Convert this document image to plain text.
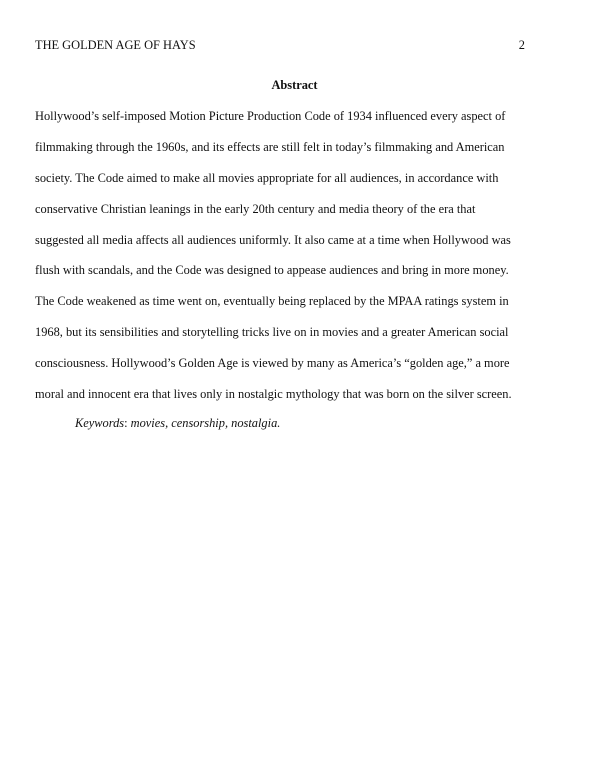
THE GOLDEN AGE OF HAYS	2
Abstract
Hollywood’s self-imposed Motion Picture Production Code of 1934 influenced every aspect of
filmmaking through the 1960s, and its effects are still felt in today’s filmmaking and American
society. The Code aimed to make all movies appropriate for all audiences, in accordance with
conservative Christian leanings in the early 20th century and media theory of the era that
suggested all media affects all audiences uniformly. It also came at a time when Hollywood was
flush with scandals, and the Code was designed to appease audiences and bring in more money.
The Code weakened as time went on, eventually being replaced by the MPAA ratings system in
1968, but its sensibilities and storytelling tricks live on in movies and a greater American social
consciousness. Hollywood’s Golden Age is viewed by many as America’s “golden age,” a more
moral and innocent era that lives only in nostalgic mythology that was born on the silver screen.
Keywords: movies, censorship, nostalgia.
